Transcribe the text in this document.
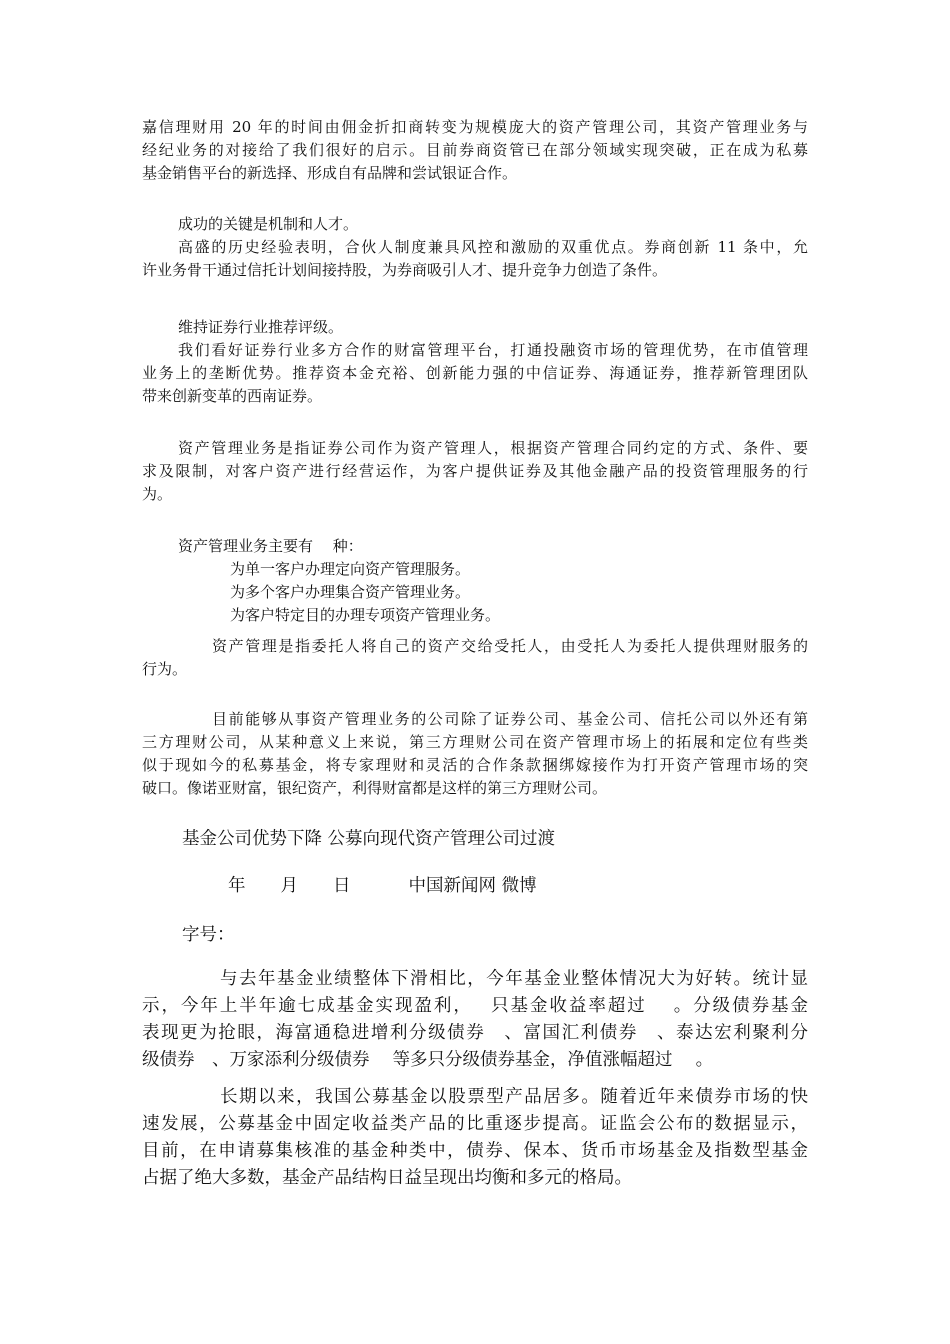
嘉信理财用 20 年的时间由佣金折扣商转变为规模庞大的资产管理公司，其资产管理业务与
经纪业务的对接给了我们很好的启示。目前券商资管已在部分领域实现突破，正在成为私募
基金销售平台的新选择、形成自有品牌和尝试银证合作。
成功的关键是机制和人才。
高盛的历史经验表明，合伙人制度兼具风控和激励的双重优点。券商创新 11 条中，允
许业务骨干通过信托计划间接持股，为券商吸引人才、提升竞争力创造了条件。
维持证券行业推荐评级。
我们看好证券行业多方合作的财富管理平台，打通投融资市场的管理优势，在市值管理
业务上的垄断优势。推荐资本金充裕、创新能力强的中信证券、海通证券，推荐新管理团队
带来创新变革的西南证券。
资产管理业务是指证券公司作为资产管理人，根据资产管理合同约定的方式、条件、要
求及限制，对客户资产进行经营运作，为客户提供证券及其他金融产品的投资管理服务的行
为。
资产管理业务主要有　 种：
为单一客户办理定向资产管理服务。
为多个客户办理集合资产管理业务。
为客户特定目的办理专项资产管理业务。
资产管理是指委托人将自己的资产交给受托人，由受托人为委托人提供理财服务的
行为。
目前能够从事资产管理业务的公司除了证券公司、基金公司、信托公司以外还有第
三方理财公司，从某种意义上来说，第三方理财公司在资产管理市场上的拓展和定位有些类
似于现如今的私募基金，将专家理财和灵活的合作条款捆绑嫁接作为打开资产管理市场的突
破口。像诺亚财富，银纪资产，利得财富都是这样的第三方理财公司。
基金公司优势下降 公募向现代资产管理公司过渡
年　　月　　日　　　 中国新闻网 微博
字号：
与去年基金业绩整体下滑相比，今年基金业整体情况大为好转。统计显
示，今年上半年逾七成基金实现盈利，　 只基金收益率超过　 。分级债券基金
表现更为抢眼，海富通稳进增利分级债券　、富国汇利债券　、泰达宏利聚利分
级债券　、万家添利分级债券　 等多只分级债券基金，净值涨幅超过　 。
长期以来，我国公募基金以股票型产品居多。随着近年来债券市场的快
速发展，公募基金中固定收益类产品的比重逐步提高。证监会公布的数据显示，
目前，在申请募集核准的基金种类中，债券、保本、货币市场基金及指数型基金
占据了绝大多数，基金产品结构日益呈现出均衡和多元的格局。
